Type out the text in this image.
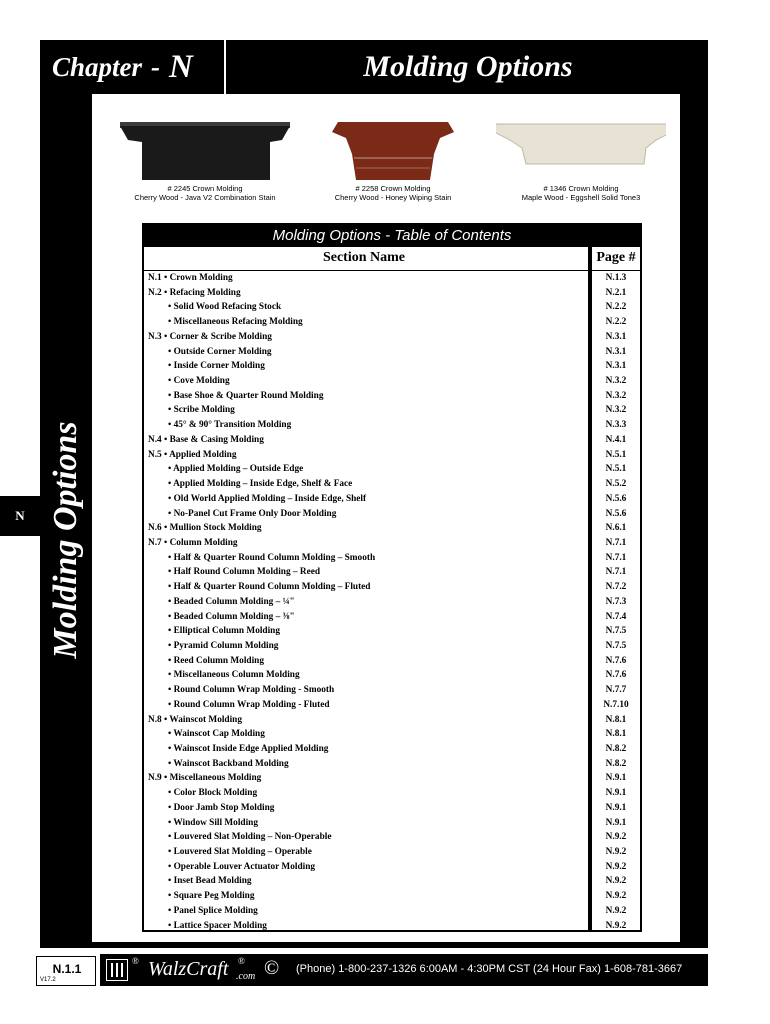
Chapter - N	Molding Options
Molding Options
N
# 2245 Crown Molding
Cherry Wood - Java V2 Combination Stain
# 2258 Crown Molding
Cherry Wood - Honey Wiping Stain
# 1346 Crown Molding
Maple Wood - Eggshell Solid Tone3
Molding Options - Table of Contents
Section Name	Page #
N.1 • Crown Molding	N.1.3
N.2 • Refacing Molding	N.2.1
• Solid Wood Refacing Stock	N.2.2
• Miscellaneous Refacing Molding	N.2.2
N.3 • Corner & Scribe Molding	N.3.1
• Outside Corner Molding	N.3.1
• Inside Corner Molding	N.3.1
• Cove Molding	N.3.2
• Base Shoe & Quarter Round Molding	N.3.2
• Scribe Molding	N.3.2
• 45° & 90° Transition Molding	N.3.3
N.4 • Base & Casing Molding	N.4.1
N.5 • Applied Molding	N.5.1
• Applied Molding – Outside Edge	N.5.1
• Applied Molding – Inside Edge, Shelf & Face	N.5.2
• Old World Applied Molding – Inside Edge, Shelf	N.5.6
• No-Panel Cut Frame Only Door Molding	N.5.6
N.6 • Mullion Stock Molding	N.6.1
N.7 • Column Molding	N.7.1
• Half & Quarter Round Column Molding – Smooth	N.7.1
• Half Round Column Molding – Reed	N.7.1
• Half & Quarter Round Column Molding – Fluted	N.7.2
• Beaded Column Molding – ¼"	N.7.3
• Beaded Column Molding – ⅜"	N.7.4
• Elliptical Column Molding	N.7.5
• Pyramid Column Molding	N.7.5
• Reed Column Molding	N.7.6
• Miscellaneous Column Molding	N.7.6
• Round Column Wrap Molding - Smooth	N.7.7
• Round Column Wrap Molding - Fluted	N.7.10
N.8 • Wainscot Molding	N.8.1
• Wainscot Cap Molding	N.8.1
• Wainscot Inside Edge Applied Molding	N.8.2
• Wainscot Backband Molding	N.8.2
N.9 • Miscellaneous Molding	N.9.1
• Color Block Molding	N.9.1
• Door Jamb Stop Molding	N.9.1
• Window Sill Molding	N.9.1
• Louvered Slat Molding – Non-Operable	N.9.2
• Louvered Slat Molding – Operable	N.9.2
• Operable Louver Actuator Molding	N.9.2
• Inset Bead Molding	N.9.2
• Square Peg Molding	N.9.2
• Panel Splice Molding	N.9.2
• Lattice Spacer Molding	N.9.2
N.1.1
V17.2
® WalzCraft ®
.com © (Phone) 1-800-237-1326 6:00AM - 4:30PM CST (24 Hour Fax) 1-608-781-3667
